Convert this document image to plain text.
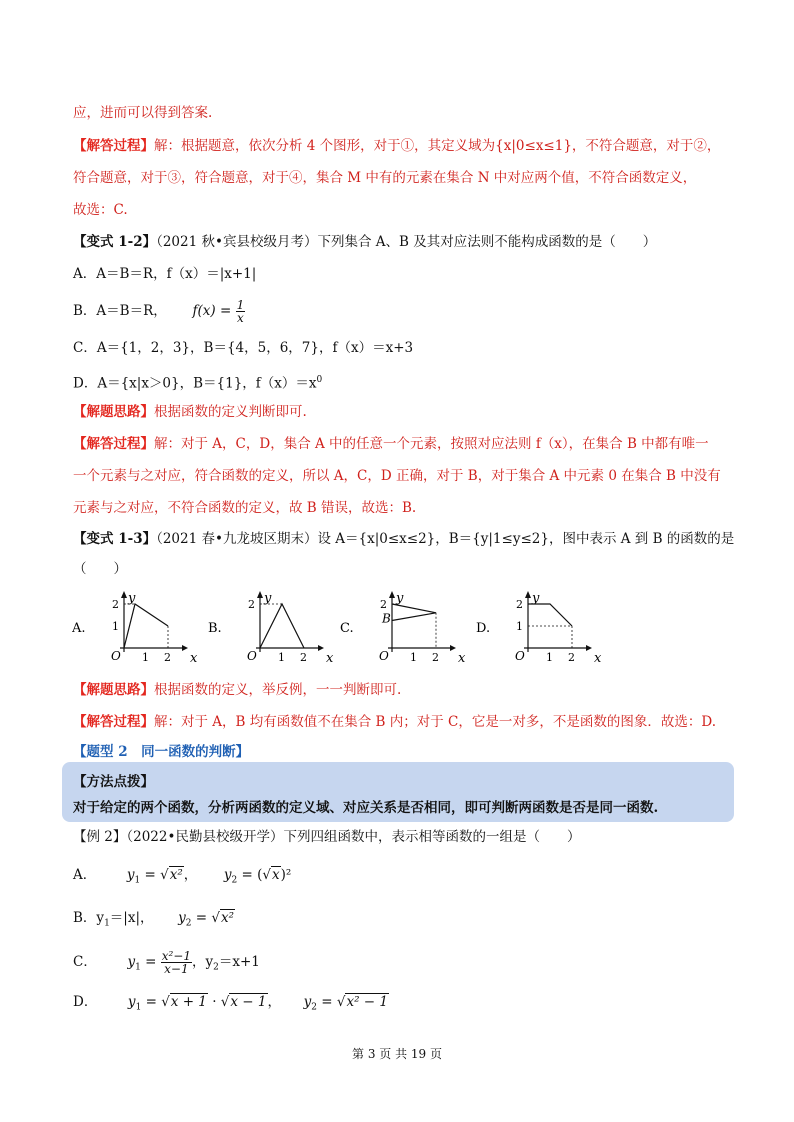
应，进而可以得到答案.
【解答过程】解：根据题意，依次分析 4 个图形，对于①，其定义域为{x|0≤x≤1}，不符合题意，对于②，
符合题意，对于③，符合题意，对于④，集合 M 中有的元素在集合 N 中对应两个值，不符合函数定义，
故选：C.
【变式 1-2】（2021 秋•宾县校级月考）下列集合 A、B 及其对应法则不能构成函数的是（　　）
A．A＝B＝R，f（x）＝|x+1|
B．A＝B＝R， $f(x) = \frac{1}{x}$
C．A＝{1，2，3}，B＝{4，5，6，7}，f（x）＝x+3
D．A＝{x|x＞0}，B＝{1}，$f(x)=x^0$
【解题思路】根据函数的定义判断即可.
【解答过程】解：对于 A，C，D，集合 A 中的任意一个元素，按照对应法则 f（x），在集合 B 中都有唯一
一个元素与之对应，符合函数的定义，所以 A，C，D 正确，对于 B，对于集合 A 中元素 0 在集合 B 中没有
元素与之对应，不符合函数的定义，故 B 错误，故选：B.
【变式 1-3】（2021 春•九龙坡区期末）设 A＝{x|0≤x≤2}，B＝{y|1≤y≤2}，图中表示 A 到 B 的函数的是
（　　）
A.
y
x
O 1 2
2
1	B.
y
x
O 1 2
2
C.
y
x
O 1 2
2
B
D.
y
x
O 1 2
2
1
【解题思路】根据函数的定义，举反例，一一判断即可.
【解答过程】解：对于 A，B 均有函数值不在集合 B 内；对于 C，它是一对多，不是函数的图象．故选：D.
【题型 2　同一函数的判断】
【方法点拨】
对于给定的两个函数，分析两函数的定义域、对应关系是否相同，即可判断两函数是否是同一函数.
【例 2】（2022•民勤县校级开学）下列四组函数中，表示相等函数的一组是（　　）
A． $y_1 = √x^2$，  $y_2 = (√x)^2$
B．$y_1=|x|$， $y_2 = √x^2$
C． $y_1 = \frac{\text{x²−1}}{x-1}$ ，$y_2=x+1$
D． $y_1 = √x + 1 \cdot √x - 1$，  $y_2 = √x^2 - 1$
第 3 页 共 19 页
